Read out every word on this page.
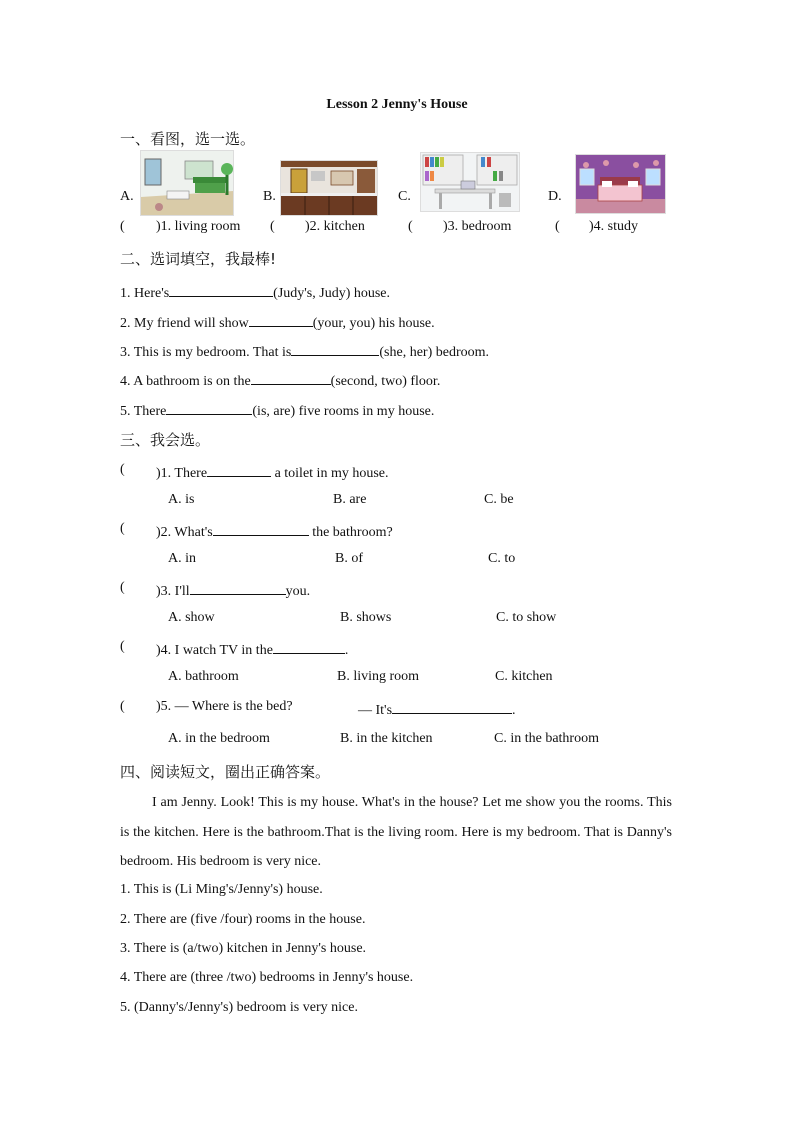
Lesson 2 Jenny's House
一、看图，选一选。
A.	B.	C.	D.
( )1. living room ( )2. kitchen	( )3. bedroom	( )4. study
二、选词填空，我最棒!
1. Here's	(Judy's, Judy) house.
2. My friend will show	(your, you) his house.
3. This is my bedroom. That is	(she, her) bedroom.
4. A bathroom is on the	(second, two) floor.
5. There	(is, are) five rooms in my house.
三、我会选。
( )1. There	a toilet in my house.
A. is	B. are	C. be
( )2. What's	the bathroom?
A. in	B. of	C. to
( )3. I'll	you.
A. show	B. shows	C. to show
( )4. I watch TV in the	.
A. bathroom	B. living room	C. kitchen
( )5. — Where is the bed?	— It's	.
A. in the bedroom	B. in the kitchen	C. in the bathroom
四、阅读短文，圈出正确答案。
I am Jenny. Look! This is my house. What's in the house? Let me show you the rooms. This is the kitchen. Here is the bathroom.That is the living room. Here is my bedroom. That is Danny's bedroom. His bedroom is very nice.
1. This is (Li Ming's/Jenny's) house.
2. There are (five /four) rooms in the house.
3. There is (a/two) kitchen in Jenny's house.
4. There are (three /two) bedrooms in Jenny's house.
5. (Danny's/Jenny's) bedroom is very nice.
